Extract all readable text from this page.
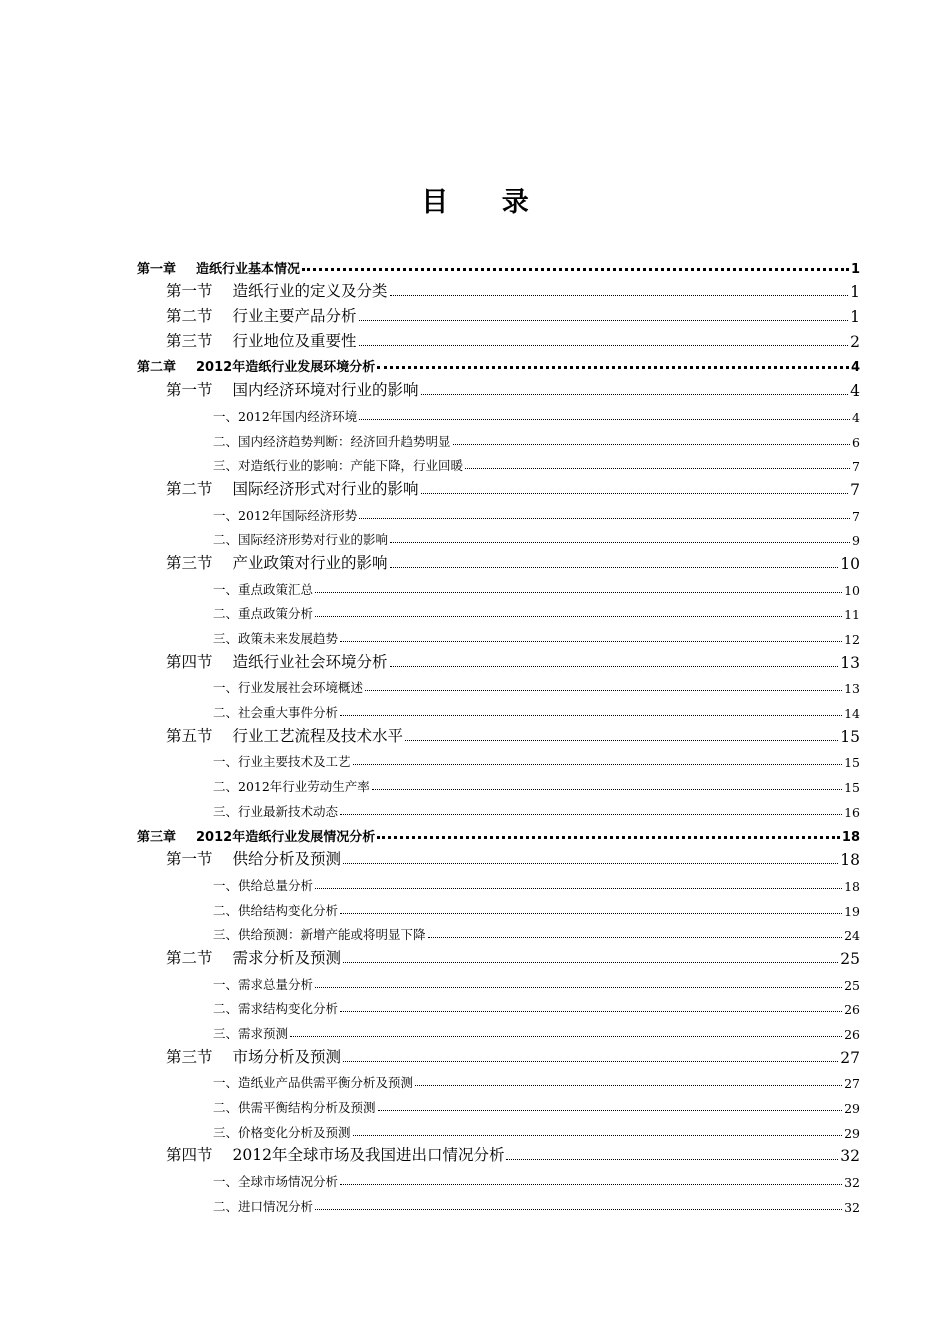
目 录
第一章 造纸行业基本情况	1
第一节 造纸行业的定义及分类	1
第二节 行业主要产品分析	1
第三节 行业地位及重要性	2
第二章 2012年造纸行业发展环境分析	4
第一节 国内经济环境对行业的影响	4
一、2012年国内经济环境	4
二、国内经济趋势判断：经济回升趋势明显	6
三、对造纸行业的影响：产能下降，行业回暖	7
第二节 国际经济形式对行业的影响	7
一、2012年国际经济形势	7
二、国际经济形势对行业的影响	9
第三节 产业政策对行业的影响	10
一、重点政策汇总	10
二、重点政策分析	11
三、政策未来发展趋势	12
第四节 造纸行业社会环境分析	13
一、行业发展社会环境概述	13
二、社会重大事件分析	14
第五节 行业工艺流程及技术水平	15
一、行业主要技术及工艺	15
二、2012年行业劳动生产率	15
三、行业最新技术动态	16
第三章 2012年造纸行业发展情况分析	18
第一节 供给分析及预测	18
一、供给总量分析	18
二、供给结构变化分析	19
三、供给预测：新增产能或将明显下降	24
第二节 需求分析及预测	25
一、需求总量分析	25
二、需求结构变化分析	26
三、需求预测	26
第三节 市场分析及预测	27
一、造纸业产品供需平衡分析及预测	27
二、供需平衡结构分析及预测	29
三、价格变化分析及预测	29
第四节 2012年全球市场及我国进出口情况分析	32
一、全球市场情况分析	32
二、进口情况分析	32
